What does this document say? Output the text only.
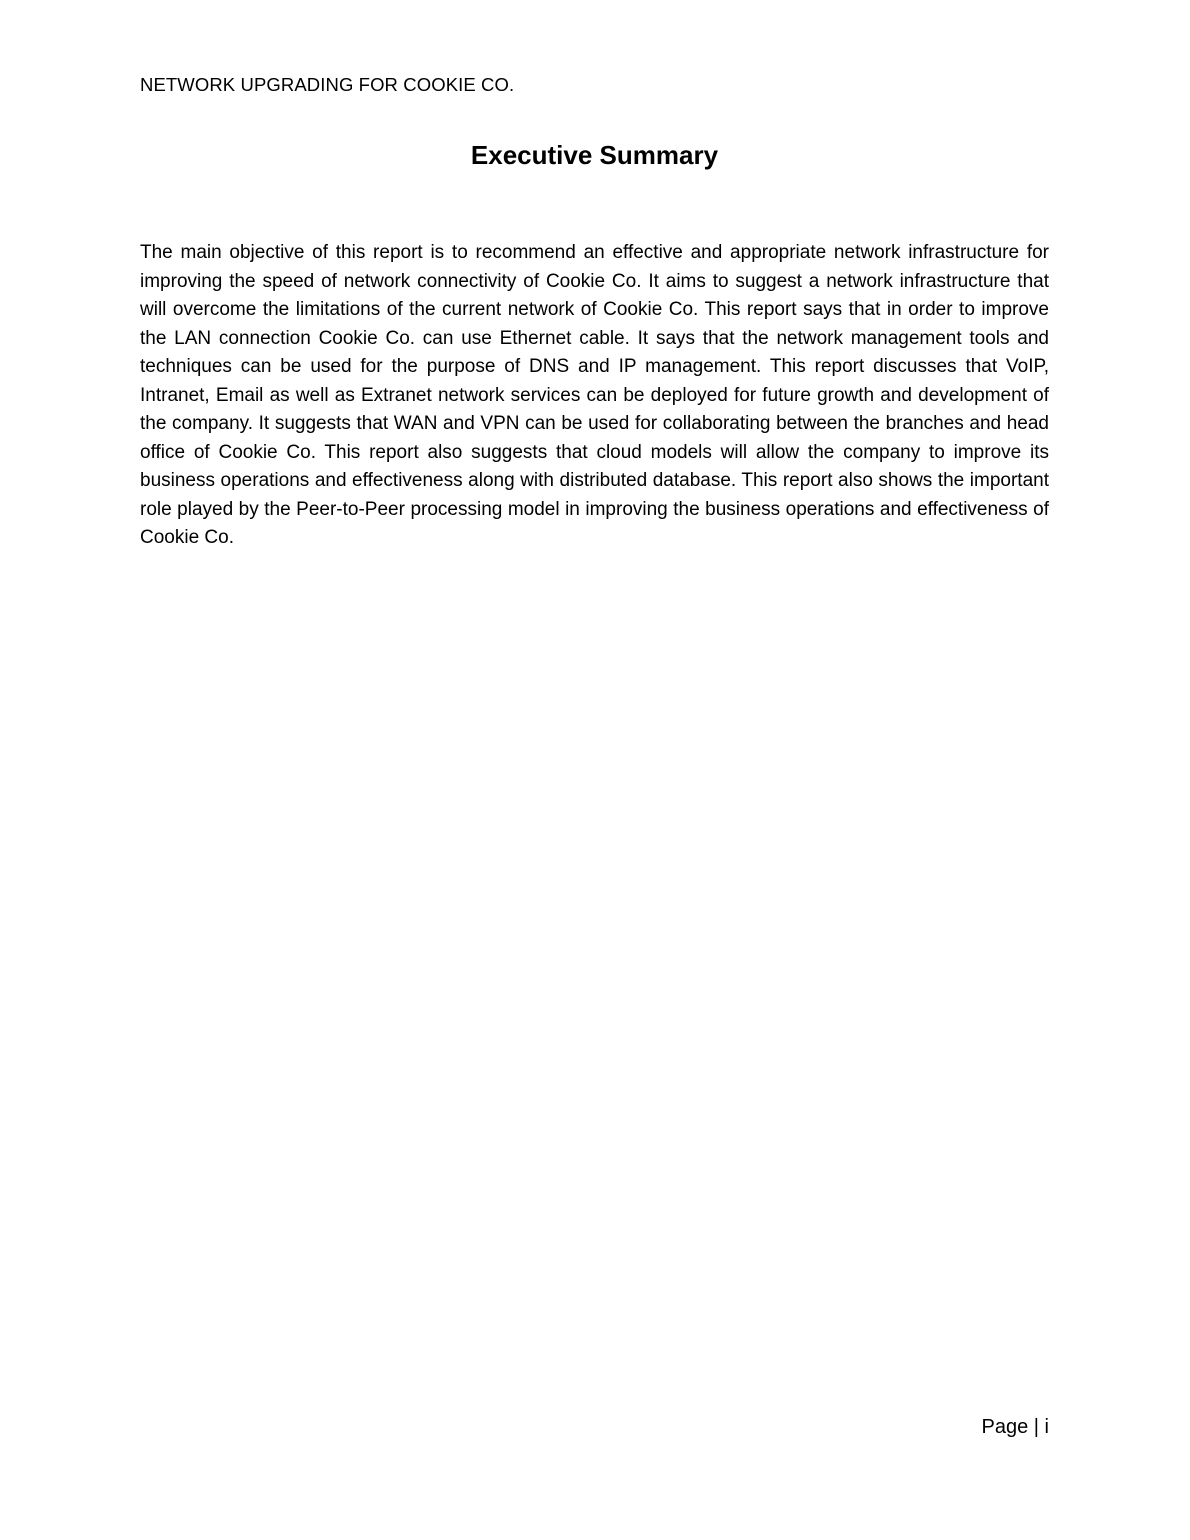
NETWORK UPGRADING FOR COOKIE CO.
Executive Summary

The main objective of this report is to recommend an effective and appropriate network infrastructure for improving the speed of network connectivity of Cookie Co. It aims to suggest a network infrastructure that will overcome the limitations of the current network of Cookie Co. This report says that in order to improve the LAN connection Cookie Co. can use Ethernet cable. It says that the network management tools and techniques can be used for the purpose of DNS and IP management. This report discusses that VoIP, Intranet, Email as well as Extranet network services can be deployed for future growth and development of the company. It suggests that WAN and VPN can be used for collaborating between the branches and head office of Cookie Co. This report also suggests that cloud models will allow the company to improve its business operations and effectiveness along with distributed database. This report also shows the important role played by the Peer-to-Peer processing model in improving the business operations and effectiveness of Cookie Co.

Page | i
